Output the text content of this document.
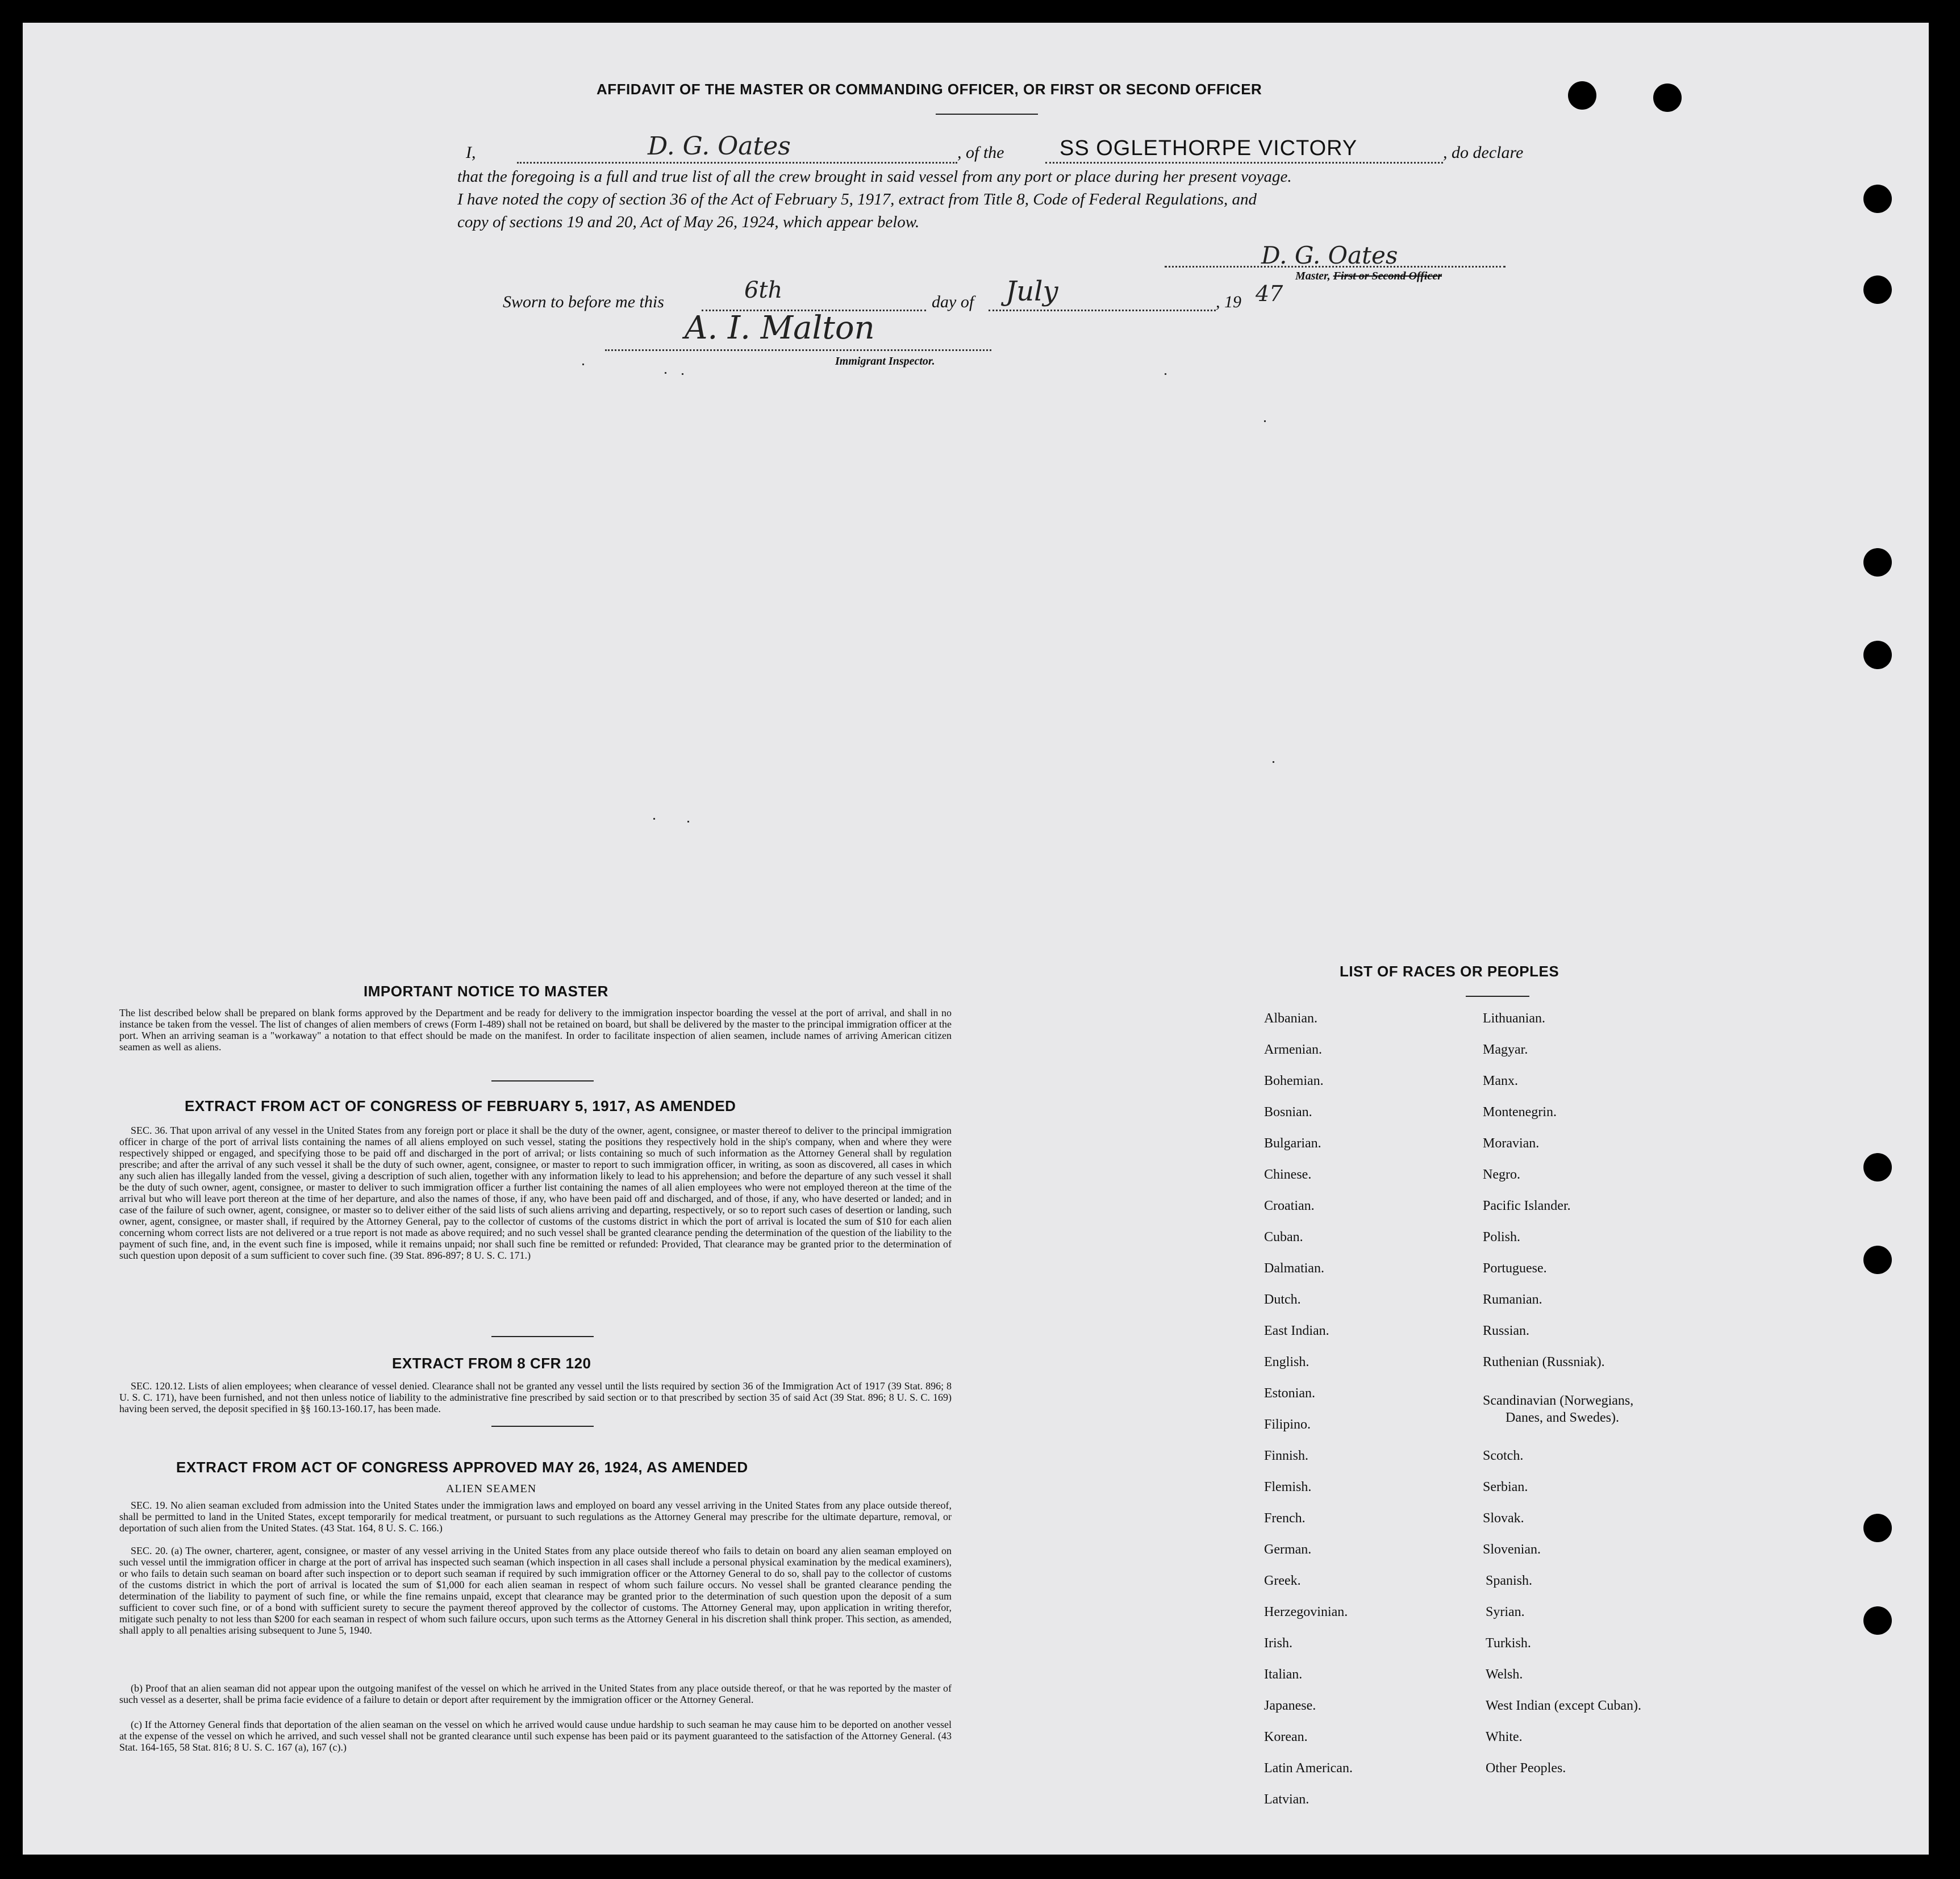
AFFIDAVIT OF THE MASTER OR COMMANDING OFFICER, OR FIRST OR SECOND OFFICER
I,	D. G. Oates	, of the	SS OGLETHORPE VICTORY	, do declare
that the foregoing is a full and true list of all the crew brought in said vessel from any port or place during her present voyage.
I have noted the copy of section 36 of the Act of February 5, 1917, extract from Title 8, Code of Federal Regulations, and
copy of sections 19 and 20, Act of May 26, 1924, which appear below.
D. G. Oates
Master, First or Second Officer
Sworn to before me this	6th	day of July	, 19 47
A. I. Malton
Immigrant Inspector.
IMPORTANT NOTICE TO MASTER
The list described below shall be prepared on blank forms approved by the Department and be ready for delivery to the immigration inspector boarding the vessel at the port of arrival, and shall in no instance be taken from the vessel. The list of changes of alien members of crews (Form I-489) shall not be retained on board, but shall be delivered by the master to the principal immigration officer at the port. When an arriving seaman is a "workaway" a notation to that effect should be made on the manifest. In order to facilitate inspection of alien seamen, include names of arriving American citizen seamen as well as aliens.
EXTRACT FROM ACT OF CONGRESS OF FEBRUARY 5, 1917, AS AMENDED
SEC. 36. That upon arrival of any vessel in the United States from any foreign port or place it shall be the duty of the owner, agent, consignee, or master thereof to deliver to the principal immigration officer in charge of the port of arrival lists containing the names of all aliens employed on such vessel, stating the positions they respectively hold in the ship's company, when and where they were respectively shipped or engaged, and specifying those to be paid off and discharged in the port of arrival; or lists containing so much of such information as the Attorney General shall by regulation prescribe; and after the arrival of any such vessel it shall be the duty of such owner, agent, consignee, or master to report to such immigration officer, in writing, as soon as discovered, all cases in which any such alien has illegally landed from the vessel, giving a description of such alien, together with any information likely to lead to his apprehension; and before the departure of any such vessel it shall be the duty of such owner, agent, consignee, or master to deliver to such immigration officer a further list containing the names of all alien employees who were not employed thereon at the time of the arrival but who will leave port thereon at the time of her departure, and also the names of those, if any, who have been paid off and discharged, and of those, if any, who have deserted or landed; and in case of the failure of such owner, agent, consignee, or master so to deliver either of the said lists of such aliens arriving and departing, respectively, or so to report such cases of desertion or landing, such owner, agent, consignee, or master shall, if required by the Attorney General, pay to the collector of customs of the customs district in which the port of arrival is located the sum of $10 for each alien concerning whom correct lists are not delivered or a true report is not made as above required; and no such vessel shall be granted clearance pending the determination of the question of the liability to the payment of such fine, and, in the event such fine is imposed, while it remains unpaid; nor shall such fine be remitted or refunded: Provided, That clearance may be granted prior to the determination of such question upon deposit of a sum sufficient to cover such fine. (39 Stat. 896-897; 8 U. S. C. 171.)
EXTRACT FROM 8 CFR 120
SEC. 120.12. Lists of alien employees; when clearance of vessel denied. Clearance shall not be granted any vessel until the lists required by section 36 of the Immigration Act of 1917 (39 Stat. 896; 8 U. S. C. 171), have been furnished, and not then unless notice of liability to the administrative fine prescribed by said section or to that prescribed by section 35 of said Act (39 Stat. 896; 8 U. S. C. 169) having been served, the deposit specified in §§ 160.13-160.17, has been made.
EXTRACT FROM ACT OF CONGRESS APPROVED MAY 26, 1924, AS AMENDED
ALIEN SEAMEN
SEC. 19. No alien seaman excluded from admission into the United States under the immigration laws and employed on board any vessel arriving in the United States from any place outside thereof, shall be permitted to land in the United States, except temporarily for medical treatment, or pursuant to such regulations as the Attorney General may prescribe for the ultimate departure, removal, or deportation of such alien from the United States. (43 Stat. 164, 8 U. S. C. 166.)
SEC. 20. (a) The owner, charterer, agent, consignee, or master of any vessel arriving in the United States from any place outside thereof who fails to detain on board any alien seaman employed on such vessel until the immigration officer in charge at the port of arrival has inspected such seaman (which inspection in all cases shall include a personal physical examination by the medical examiners), or who fails to detain such seaman on board after such inspection or to deport such seaman if required by such immigration officer or the Attorney General to do so, shall pay to the collector of customs of the customs district in which the port of arrival is located the sum of $1,000 for each alien seaman in respect of whom such failure occurs. No vessel shall be granted clearance pending the determination of the liability to payment of such fine, or while the fine remains unpaid, except that clearance may be granted prior to the determination of such question upon the deposit of a sum sufficient to cover such fine, or of a bond with sufficient surety to secure the payment thereof approved by the collector of customs. The Attorney General may, upon application in writing therefor, mitigate such penalty to not less than $200 for each seaman in respect of whom such failure occurs, upon such terms as the Attorney General in his discretion shall think proper. This section, as amended, shall apply to all penalties arising subsequent to June 5, 1940.
(b) Proof that an alien seaman did not appear upon the outgoing manifest of the vessel on which he arrived in the United States from any place outside thereof, or that he was reported by the master of such vessel as a deserter, shall be prima facie evidence of a failure to detain or deport after requirement by the immigration officer or the Attorney General.
(c) If the Attorney General finds that deportation of the alien seaman on the vessel on which he arrived would cause undue hardship to such seaman he may cause him to be deported on another vessel at the expense of the vessel on which he arrived, and such vessel shall not be granted clearance until such expense has been paid or its payment guaranteed to the satisfaction of the Attorney General. (43 Stat. 164-165, 58 Stat. 816; 8 U. S. C. 167 (a), 167 (c).)
LIST OF RACES OR PEOPLES
Albanian.
Armenian.
Bohemian.
Bosnian.
Bulgarian.
Chinese.
Croatian.
Cuban.
Dalmatian.
Dutch.
East Indian.
English.
Estonian.
Filipino.
Finnish.
Flemish.
French.
German.
Greek.
Herzegovinian.
Irish.
Italian.
Japanese.
Korean.
Latin American.
Latvian.
Lithuanian.
Magyar.
Manx.
Montenegrin.
Moravian.
Negro.
Pacific Islander.
Polish.
Portuguese.
Rumanian.
Russian.
Ruthenian (Russniak).
Scandinavian (Norwegians,
Danes, and Swedes).
Scotch.
Serbian.
Slovak.
Slovenian.
Spanish.
Syrian.
Turkish.
Welsh.
West Indian (except Cuban).
White.
Other Peoples.
